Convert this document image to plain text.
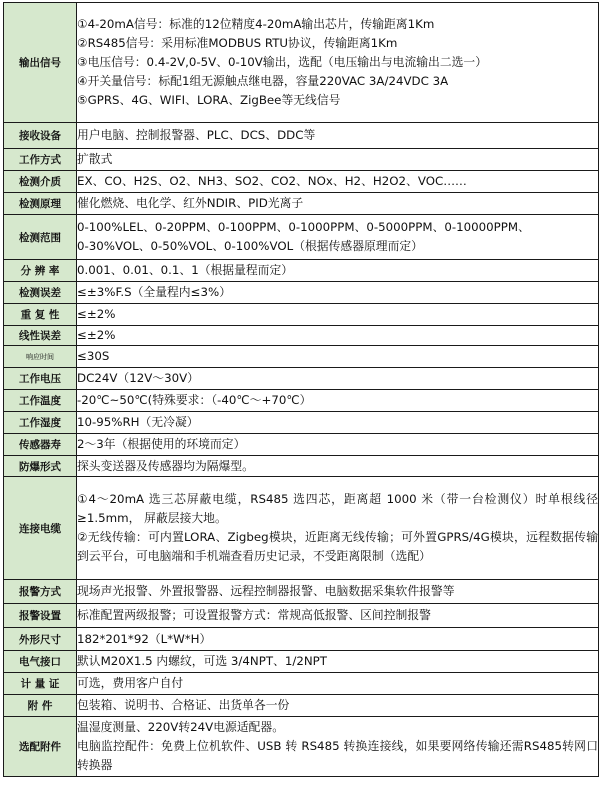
输出信号	①4-20mA信号：标准的12位精度4-20mA输出芯片，传输距离1Km
②RS485信号：采用标准MODBUS RTU协议，传输距离1Km
③电压信号：0.4-2V,0-5V、0-10V输出，选配（电压输出与电流输出二选一）
④开关量信号：标配1组无源触点继电器，容量220VAC 3A/24VDC 3A
⑤GPRS、4G、WIFI、LORA、ZigBee等无线信号

接收设备	用户电脑、控制报警器、PLC、DCS、DDC等
工作方式	扩散式
检测介质	EX、CO、H2S、O2、NH3、SO2、CO2、NOx、H2、H2O2、VOC……
检测原理	催化燃烧、电化学、红外NDIR、PID光离子
检测范围	0-100%LEL、0-20PPM、0-100PPM、0-1000PPM、0-5000PPM、0-10000PPM、
0-30%VOL、0-50%VOL、0-100%VOL（根据传感器原理而定）

分 辨 率	0.001、0.01、0.1、1（根据量程而定）
检测误差	≤±3%F.S（全量程内≤3%）
重 复 性	≤±2%
线性误差	≤±2%
响应时间	≤30S
工作电压	DC24V（12V～30V）
工作温度	-20℃~50℃(特殊要求：（-40℃～+70℃）
工作湿度	10-95%RH（无冷凝）
传感器寿	2～3年（根据使用的环境而定）
防爆形式	探头变送器及传感器均为隔爆型。
连接电缆	①4～20mA 选三芯屏蔽电缆，RS485 选四芯，距离超 1000 米（带一台检测仪）时单根线径≥1.5mm， 屏蔽层接大地。
②无线传输：可内置LORA、Zigbeg模块，近距离无线传输；可外置GPRS/4G模块，远程数据传输到云平台，可电脑端和手机端查看历史记录，不受距离限制（选配）

报警方式	现场声光报警、外置报警器、远程控制器报警、电脑数据采集软件报警等
报警设置	标准配置两级报警；可设置报警方式：常规高低报警、区间控制报警
外形尺寸	182*201*92（L*W*H）
电气接口	默认M20X1.5 内螺纹，可选 3/4NPT、1/2NPT
计 量 证	可选，费用客户自付
附 件	包装箱、说明书、合格证、出货单各一份
选配附件	温湿度测量、220V转24V电源适配器。
电脑监控配件：免费上位机软件、USB 转 RS485 转换连接线，如果要网络传输还需RS485转网口转换器
